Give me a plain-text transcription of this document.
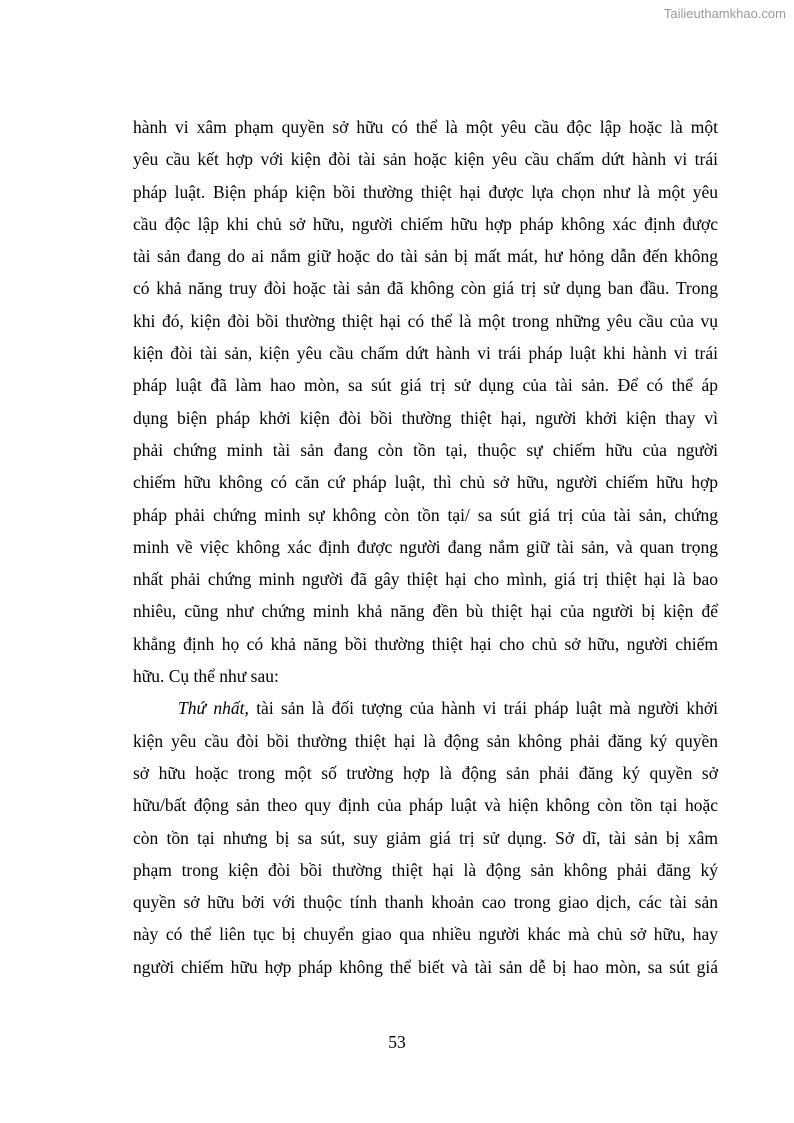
Tailieuthamkhao.com

hành vi xâm phạm quyền sở hữu có thể là một yêu cầu độc lập hoặc là một
yêu cầu kết hợp với kiện đòi tài sản hoặc kiện yêu cầu chấm dứt hành vi trái
pháp luật. Biện pháp kiện bồi thường thiệt hại được lựa chọn như là một yêu
cầu độc lập khi chủ sở hữu, người chiếm hữu hợp pháp không xác định được
tài sản đang do ai nắm giữ hoặc do tài sản bị mất mát, hư hỏng dẫn đến không
có khả năng truy đòi hoặc tài sản đã không còn giá trị sử dụng ban đầu. Trong
khi đó, kiện đòi bồi thường thiệt hại có thể là một trong những yêu cầu của vụ
kiện đòi tài sản, kiện yêu cầu chấm dứt hành vi trái pháp luật khi hành vi trái
pháp luật đã làm hao mòn, sa sút giá trị sử dụng của tài sản. Để có thể áp
dụng biện pháp khởi kiện đòi bồi thường thiệt hại, người khởi kiện thay vì
phải chứng minh tài sản đang còn tồn tại, thuộc sự chiếm hữu của người
chiếm hữu không có căn cứ pháp luật, thì chủ sở hữu, người chiếm hữu hợp
pháp phải chứng minh sự không còn tồn tại/ sa sút giá trị của tài sản, chứng
minh về việc không xác định được người đang nắm giữ tài sản, và quan trọng
nhất phải chứng minh người đã gây thiệt hại cho mình, giá trị thiệt hại là bao
nhiêu, cũng như chứng minh khả năng đền bù thiệt hại của người bị kiện để
khẳng định họ có khả năng bồi thường thiệt hại cho chủ sở hữu, người chiếm
hữu. Cụ thể như sau:

Thứ nhất, tài sản là đối tượng của hành vi trái pháp luật mà người khởi
kiện yêu cầu đòi bồi thường thiệt hại là động sản không phải đăng ký quyền
sở hữu hoặc trong một số trường hợp là động sản phải đăng ký quyền sở
hữu/bất động sản theo quy định của pháp luật và hiện không còn tồn tại hoặc
còn tồn tại nhưng bị sa sút, suy giảm giá trị sử dụng. Sở dĩ, tài sản bị xâm
phạm trong kiện đòi bồi thường thiệt hại là động sản không phải đăng ký
quyền sở hữu bởi với thuộc tính thanh khoản cao trong giao dịch, các tài sản
này có thể liên tục bị chuyển giao qua nhiều người khác mà chủ sở hữu, hay
người chiếm hữu hợp pháp không thể biết và tài sản dễ bị hao mòn, sa sút giá

53
